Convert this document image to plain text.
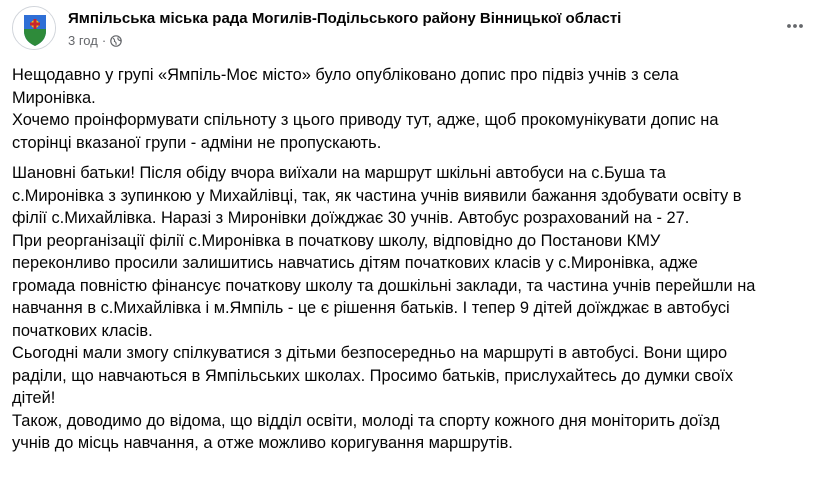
Ямпільська міська рада Могилів-Подільського району Вінницької області
3 год ·
Нещодавно у групі «Ямпіль-Моє місто» було опубліковано допис про підвіз учнів з села
Миронівка.
Хочемо проінформувати спільноту з цього приводу тут, адже, щоб прокомунікувати допис на
сторінці вказаної групи - адміни не пропускають.
Шановні батьки! Після обіду вчора виїхали на маршрут шкільні автобуси на с.Буша та
с.Миронівка з зупинкою у Михайлівці, так, як частина учнів виявили бажання здобувати освіту в
філії с.Михайлівка. Наразі з Миронівки доїжджає 30 учнів. Автобус розрахований на - 27.
При реорганізації філії с.Миронівка в початкову школу, відповідно до Постанови КМУ
переконливо просили залишитись навчатись дітям початкових класів у с.Миронівка, адже
громада повністю фінансує початкову школу та дошкільні заклади, та частина учнів перейшли на
навчання в с.Михайлівка і м.Ямпіль - це є рішення батьків. І тепер 9 дітей доїжджає в автобусі
початкових класів.
Сьогодні мали змогу спілкуватися з дітьми безпосередньо на маршруті в автобусі. Вони щиро
раділи, що навчаються в Ямпільських школах. Просимо батьків, прислухайтесь до думки своїх
дітей!
Також, доводимо до відома, що відділ освіти, молоді та спорту кожного дня моніторить доїзд
учнів до місць навчання, а отже можливо коригування маршрутів.
